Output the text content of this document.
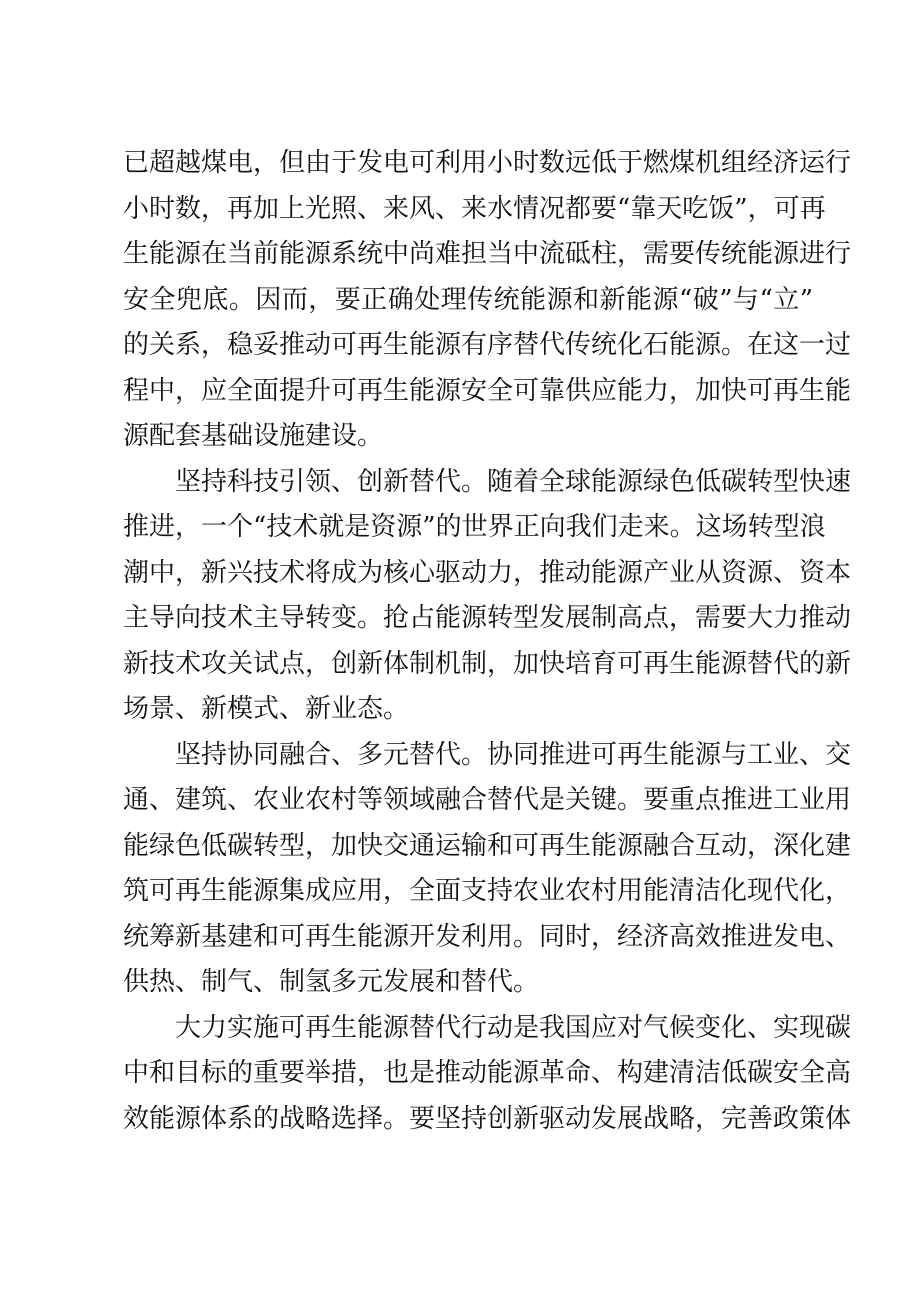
已超越煤电，但由于发电可利用小时数远低于燃煤机组经济运行
小时数，再加上光照、来风、来水情况都要“靠天吃饭”，可再
生能源在当前能源系统中尚难担当中流砥柱，需要传统能源进行
安全兜底。因而，要正确处理传统能源和新能源“破”与“立”
的关系，稳妥推动可再生能源有序替代传统化石能源。在这一过
程中，应全面提升可再生能源安全可靠供应能力，加快可再生能
源配套基础设施建设。
坚持科技引领、创新替代。随着全球能源绿色低碳转型快速
推进，一个“技术就是资源”的世界正向我们走来。这场转型浪
潮中，新兴技术将成为核心驱动力，推动能源产业从资源、资本
主导向技术主导转变。抢占能源转型发展制高点，需要大力推动
新技术攻关试点，创新体制机制，加快培育可再生能源替代的新
场景、新模式、新业态。
坚持协同融合、多元替代。协同推进可再生能源与工业、交
通、建筑、农业农村等领域融合替代是关键。要重点推进工业用
能绿色低碳转型，加快交通运输和可再生能源融合互动，深化建
筑可再生能源集成应用，全面支持农业农村用能清洁化现代化，
统筹新基建和可再生能源开发利用。同时，经济高效推进发电、
供热、制气、制氢多元发展和替代。
大力实施可再生能源替代行动是我国应对气候变化、实现碳
中和目标的重要举措，也是推动能源革命、构建清洁低碳安全高
效能源体系的战略选择。要坚持创新驱动发展战略，完善政策体
